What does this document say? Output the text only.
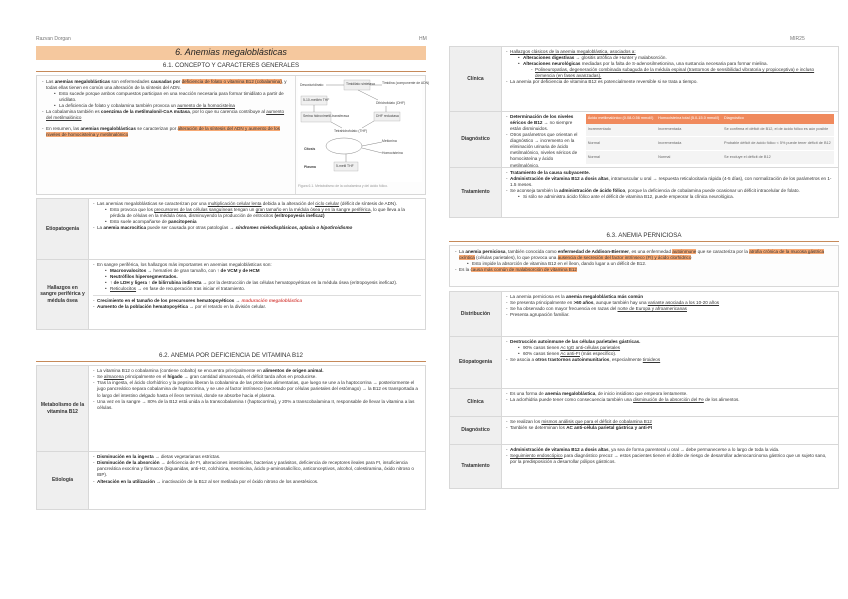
Razvan Dorgan	HM	MIR25
6. Anemias megaloblásticas
6.1. CONCEPTO Y CARACTERES GENERALES
- Las anemias megaloblásticas son enfermedades causadas por deficiencia de folato o vitamina B12 (cobalamina), y todas ellas tienen en común una alteración de la síntesis del ADN.
• Esto sucede porque ambos compuestos participan en una reacción necesaria para formar timidilato a partir de uridilato.
• La deficiencia de folato y cobalamina también provoca un aumento de la homocisteína
- La cobalamina también es coenzima de la metilmalonil-CoA mutasa, por lo que su carencia contribuye al aumento del metilmalónico
- En resumen, las anemias megaloblásticas se caracterizan por alteración de la síntesis del ADN y aumento de los niveles de homocisteína y metilmalónico
Desoxiuridinato	Timidilato sintetasa Timidina (componente de ADN)
5-10-metilén THF
Dihidrofolato (DHF)
Serina hidroximetil-transferasa	DHF reductasa
Tetrahidrofolato (THF)
Citosis
Metionina
Homocisteína
Plasma	5-metil THF
Figura 6.1. Metabolismo de la cobalamina y del ácido fólico.
Etiopatogenia
- Las anemias megaloblásticas se caracterizan por una multiplicación celular lenta debida a la alteración del ciclo celular (déficit de síntesis de ADN).
• Esto provoca que los precursores de las células sanguíneas tengan un gran tamaño en la médula ósea y en la sangre periférica, lo que lleva a la pérdida de células en la médula ósea, disminuyendo la producción de eritrocitos (eritropoyesis ineficaz)
• Esto suele acompañarse de pancitopenia
- La anemia macrocítica puede ser causada por otras patologías → síndromes mielodisplásicos, aplasia o hipotiroidismo
Hallazgos en sangre periférica y médula ósea
- En sangre periférica, los hallazgos más importantes en anemias megaloblásticas son:
• Macroovalocitos → hematíes de gran tamaño, con ↑ de VCM y de HCM
• Neutrófilos hipersegmentados.
• ↑ de LDH y ligera ↑ de bilirrubina indirecta → por la destrucción de las células hematopoyéticas en la médula ósea (eritropoyesis ineficaz).
• Reticulocitos → en fase de recuperación tras iniciar el tratamiento.
- Crecimiento en el tamaño de los precursores hematopoyéticos → maduración megaloblástica
- Aumento de la población hematopoyética → por el retardo en la división celular.
6.2. ANEMIA POR DEFICIENCIA DE VITAMINA B12
Metabolismo de la vitamina B12
- La vitamina B12 o cobalamina (contiene cobalto) se encuentra principalmente en alimentos de origen animal.
- Se almacena principalmente en el hígado → gran cantidad almacenada, el déficit tarda años en producirse.
- Tras la ingesta, el ácido clorhídrico y la pepsina liberan la cobalamina de las proteínas alimentarias, que luego se une a la haptocorrina → posteriormente el jugo pancreático separa cobalamina de haptocorrina, y se une al factor intrínseco (secretado por células parietales del estómago) → la B12 es transportada a lo largo del intestino delgado hasta el íleon terminal, donde se absorbe hacia el plasma.
- Una vez en la sangre → 80% de la B12 está unida a la transcobalamina I (haptocorrina), y 20% a transcobalamina II, responsable de llevar la vitamina a las células.
Etiología
- Disminución en la ingesta → dietas vegetarianas estrictas.
- Disminución de la absorción → deficiencia de FI, alteraciones intestinales, bacterias y parásitos, deficiencia de receptores ileales para FI, insuficiencia pancreática exocrina y fármacos (biguanidas, anti-H2, colchicina, neomicina, ácido p-aminosalicílico, anticonceptivos, alcohol, colestiramina, óxido nitroso o IBP).
- Alteración en la utilización → inactivación de la B12 al ser metilada por el óxido nitroso de los anestésicos.
Clínica
- Hallazgos clásicos de la anemia megaloblástica, asociados a:
• Alteraciones digestivas → glositis atrófica de Hunter y malabsorción.
• Alteraciones neurológicas mediadas por la falta de S-adenosilmetionina, una sustancia necesaria para formar mielina.
- Polineuropatías, degeneración combinada subaguda de la médula espinal (trastornos de sensibilidad vibratoria y propioceptiva) e incluso demencia (en fases avanzadas).
- La anemia por deficiencia de vitamina B12 es potencialmente reversible si se trata a tiempo.
Diagnóstico
- Determinación de los niveles séricos de B12 → no siempre están disminuidos.
- Otros parámetros que orientan el diagnóstico → incremento en la eliminación urinaria de ácido metilmalónico, niveles séricos de homocisteína y ácido metilmalónico.
Ácido metilmalónico (0.08-0.56 mmol/l)	Homocisteína total (5.0-15.0 mmol/l)	Diagnóstico
Incrementado	Incrementada	Se confirma el déficit de B12, el de ácido fólico es aún posible
Normal	Incrementada	Probable déficit de ácido fólico < 5% puede tener déficit de B12
Normal	Normal	Se excluye el déficit de B12
Tratamiento
- Tratamiento de la causa subyacente.
- Administración de vitamina B12 a dosis altas, intramuscular u oral → respuesta reticulocitaria rápida (4-5 días), con normalización de los parámetros en 1-1.5 meses.
- Se aconseja también la administración de ácido fólico, porque la deficiencia de cobalamina puede ocasionar un déficit intracelular de folato.
• Si sólo se administra ácido fólico ante el déficit de vitamina B12, puede empeorar la clínica neurológica.
6.3. ANEMIA PERNICIOSA
- La anemia perniciosa, también conocida como enfermedad de Addison-Biermer, es una enfermedad autoinmune que se caracteriza por la atrofia crónica de la mucosa gástrica oxíntica (células parietales), lo que provoca una ausencia de secreción del factor intrínseco (FI) y ácido clorhídrico
• Esto impide la absorción de vitamina B12 en el íleon, dando lugar a un déficit de B12.
- Es la causa más común de malabsorción de vitamina B12
Distribución
- La anemia perniciosa es la anemia megaloblástica más común
- Se presenta principalmente en >60 años, aunque también hay una variante asociada a los 10-20 años
- Se ha observado con mayor frecuencia en razas del norte de Europa y afroamericanas
- Presenta agrupación familiar.
Etiopatogenia
- Destrucción autoinmune de las células parietales gástricas.
• 90% casos tienen Ac IgG anti-células parietales
• 60% casos tienen Ac anti-FI (más específico).
- Se asocia a otros trastornos autoinmunitarios, especialmente tiroideos
Clínica
- Es una forma de anemia megaloblástica, de inicio insidioso que empeora lentamente.
- La aclorhidria puede tener como consecuencia también una disminución de la absorción del Fe de los alimentos.
Diagnóstico
- Se realizan los mismos análisis que para el déficit de cobalamina B12
- También se determinan los AC anti-célula parietal gástrica y anti-FI
Tratamiento
- Administración de vitamina B12 a dosis altas, ya sea de forma parenteral u oral → debe permanecerse a lo largo de toda la vida.
- Seguimiento endoscópico para diagnóstico precoz → estos pacientes tienen el doble de riesgo de desarrollar adenocarcinoma gástrico que un sujeto sano, por la predisposición a desarrollar pólipos gástricos.
